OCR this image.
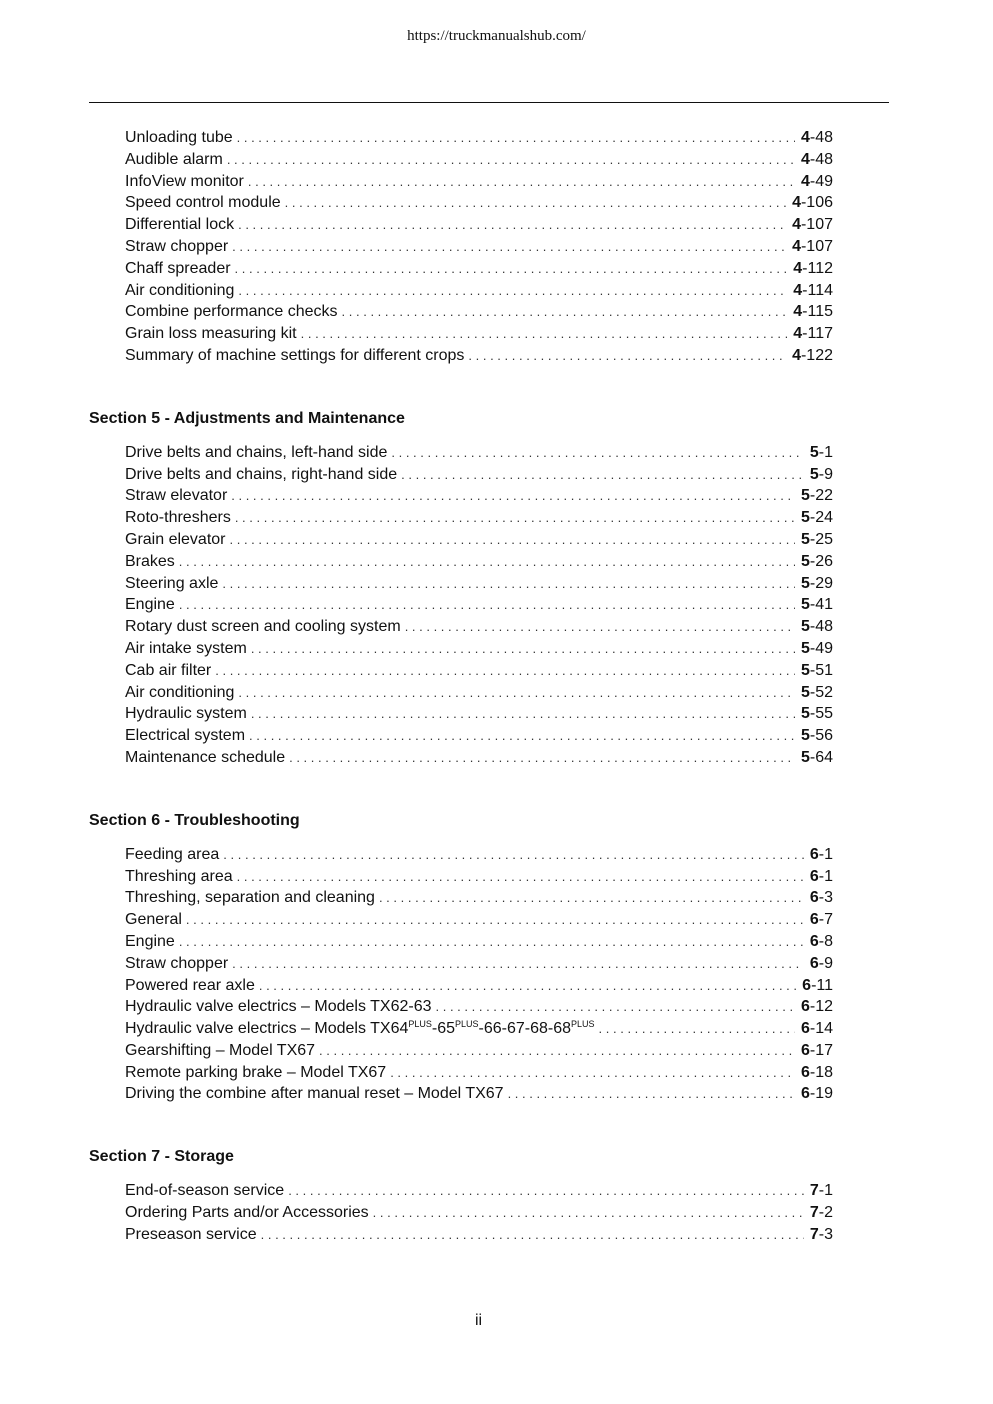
https://truckmanualshub.com/
Unloading tube . . .	4-48
Audible alarm . . .	4-48
InfoView monitor . . .	4-49
Speed control module . . .	4-106
Differential lock . . .	4-107
Straw chopper . . .	4-107
Chaff spreader . . .	4-112
Air conditioning . . .	4-114
Combine performance checks . . .	4-115
Grain loss measuring kit . . .	4-117
Summary of machine settings for different crops . . .	4-122
Section 5 - Adjustments and Maintenance
Drive belts and chains, left-hand side . . .	5-1
Drive belts and chains, right-hand side . . .	5-9
Straw elevator . . .	5-22
Roto-threshers . . .	5-24
Grain elevator . . .	5-25
Brakes . . .	5-26
Steering axle . . .	5-29
Engine . . .	5-41
Rotary dust screen and cooling system . . .	5-48
Air intake system . . .	5-49
Cab air filter . . .	5-51
Air conditioning . . .	5-52
Hydraulic system . . .	5-55
Electrical system . . .	5-56
Maintenance schedule . . .	5-64
Section 6 - Troubleshooting
Feeding area . . .	6-1
Threshing area . . .	6-1
Threshing, separation and cleaning . . .	6-3
General . . .	6-7
Engine . . .	6-8
Straw chopper . . .	6-9
Powered rear axle . . .	6-11
Hydraulic valve electrics – Models TX62-63 . . .	6-12
Hydraulic valve electrics – Models $TX64^{PLUS}-65^{PLUS}-66-67-68-68^{PLUS}$ . . .	6-14
Gearshifting – Model TX67 . . .	6-17
Remote parking brake – Model TX67 . . .	6-18
Driving the combine after manual reset – Model TX67 . . .	6-19
Section 7 - Storage
End-of-season service . . .	7-1
Ordering Parts and/or Accessories . . .	7-2
Preseason service . . .	7-3
ii
